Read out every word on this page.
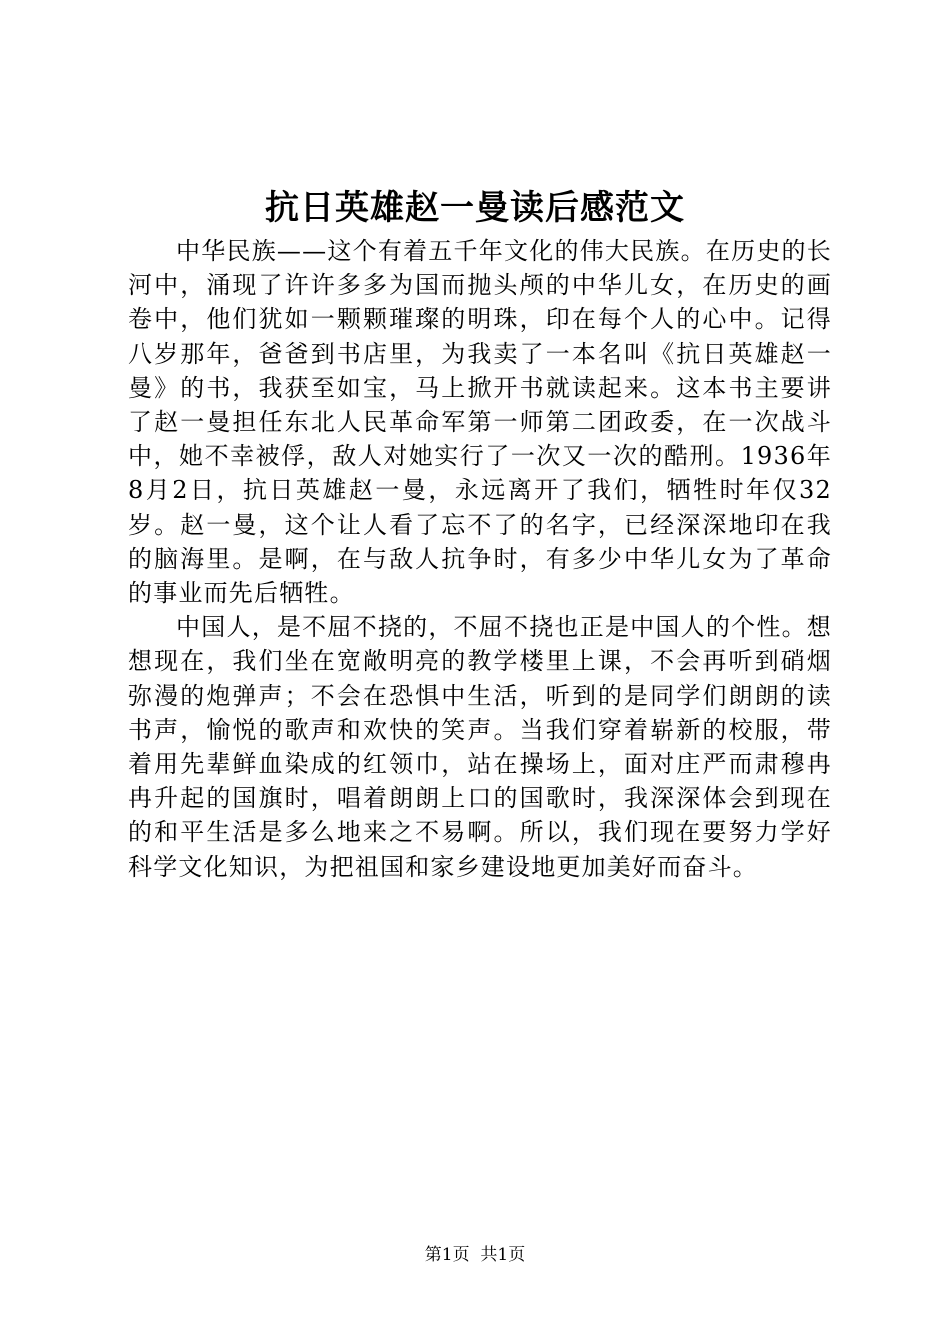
抗日英雄赵一曼读后感范文

中华民族——这个有着五千年文化的伟大民族。在历史的长河中，涌现了许许多多为国而抛头颅的中华儿女，在历史的画卷中，他们犹如一颗颗璀璨的明珠，印在每个人的心中。记得八岁那年，爸爸到书店里，为我卖了一本名叫《抗日英雄赵一曼》的书，我获至如宝，马上掀开书就读起来。这本书主要讲了赵一曼担任东北人民革命军第一师第二团政委，在一次战斗中，她不幸被俘，敌人对她实行了一次又一次的酷刑。1936年8月2日，抗日英雄赵一曼，永远离开了我们，牺牲时年仅32岁。赵一曼，这个让人看了忘不了的名字，已经深深地印在我的脑海里。是啊，在与敌人抗争时，有多少中华儿女为了革命的事业而先后牺牲。

中国人，是不屈不挠的，不屈不挠也正是中国人的个性。想想现在，我们坐在宽敞明亮的教学楼里上课，不会再听到硝烟弥漫的炮弹声；不会在恐惧中生活，听到的是同学们朗朗的读书声，愉悦的歌声和欢快的笑声。当我们穿着崭新的校服，带着用先辈鲜血染成的红领巾，站在操场上，面对庄严而肃穆冉冉升起的国旗时，唱着朗朗上口的国歌时，我深深体会到现在的和平生活是多么地来之不易啊。所以，我们现在要努力学好科学文化知识，为把祖国和家乡建设地更加美好而奋斗。

第1页  共1页
